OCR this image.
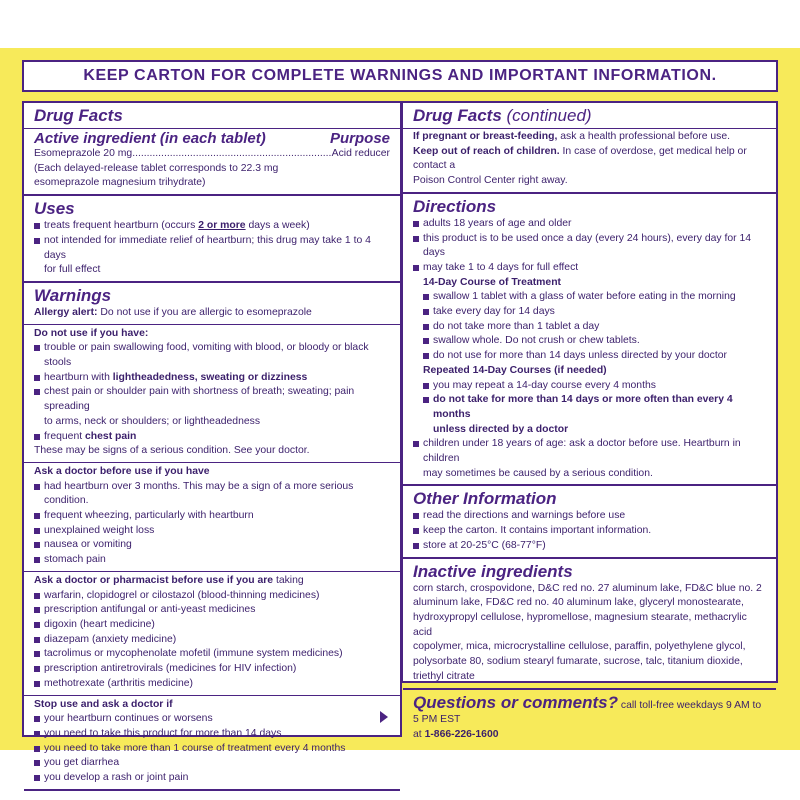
KEEP CARTON FOR COMPLETE WARNINGS AND IMPORTANT INFORMATION.
Drug Facts
Active ingredient (in each tablet)	Purpose
Esomeprazole 20 mg
.....	Acid reducer
(Each delayed-release tablet corresponds to 22.3 mg
esomeprazole magnesium trihydrate)
Uses
treats frequent heartburn (occurs 2 or more days a week)
not intended for immediate relief of heartburn; this drug may take 1 to 4 days
for full effect
Warnings
Allergy alert: Do not use if you are allergic to esomeprazole
Do not use if you have:
trouble or pain swallowing food, vomiting with blood, or bloody or black stools
heartburn with lightheadedness, sweating or dizziness
chest pain or shoulder pain with shortness of breath; sweating; pain spreading
to arms, neck or shoulders; or lightheadedness
frequent chest pain
These may be signs of a serious condition. See your doctor.
Ask a doctor before use if you have
had heartburn over 3 months. This may be a sign of a more serious condition.
frequent wheezing, particularly with heartburn
unexplained weight loss
nausea or vomiting
stomach pain
Ask a doctor or pharmacist before use if you are taking
warfarin, clopidogrel or cilostazol (blood-thinning medicines)
prescription antifungal or anti-yeast medicines
digoxin (heart medicine)
diazepam (anxiety medicine)
tacrolimus or mycophenolate mofetil (immune system medicines)
prescription antiretrovirals (medicines for HIV infection)
methotrexate (arthritis medicine)
Stop use and ask a doctor if
your heartburn continues or worsens
you need to take this product for more than 14 days
you need to take more than 1 course of treatment every 4 months
you get diarrhea
you develop a rash or joint pain
Drug Facts (continued)
If pregnant or breast-feeding, ask a health professional before use.
Keep out of reach of children. In case of overdose, get medical help or contact a
Poison Control Center right away.
Directions
adults 18 years of age and older
this product is to be used once a day (every 24 hours), every day for 14 days
may take 1 to 4 days for full effect
14-Day Course of Treatment
swallow 1 tablet with a glass of water before eating in the morning
take every day for 14 days
do not take more than 1 tablet a day
swallow whole. Do not crush or chew tablets.
do not use for more than 14 days unless directed by your doctor
Repeated 14-Day Courses (if needed)
you may repeat a 14-day course every 4 months
do not take for more than 14 days or more often than every 4 months
unless directed by a doctor
children under 18 years of age: ask a doctor before use. Heartburn in children
may sometimes be caused by a serious condition.
Other Information
read the directions and warnings before use
keep the carton. It contains important information.
store at 20-25°C (68-77°F)
Inactive ingredients
corn starch, crospovidone, D&C red no. 27 aluminum lake, FD&C blue no. 2
aluminum lake, FD&C red no. 40 aluminum lake, glyceryl monostearate,
hydroxypropyl cellulose, hypromellose, magnesium stearate, methacrylic acid
copolymer, mica, microcrystalline cellulose, paraffin, polyethylene glycol,
polysorbate 80, sodium stearyl fumarate, sucrose, talc, titanium dioxide,
triethyl citrate
Questions or comments? call toll-free weekdays 9 AM to 5 PM EST
at 1-866-226-1600
